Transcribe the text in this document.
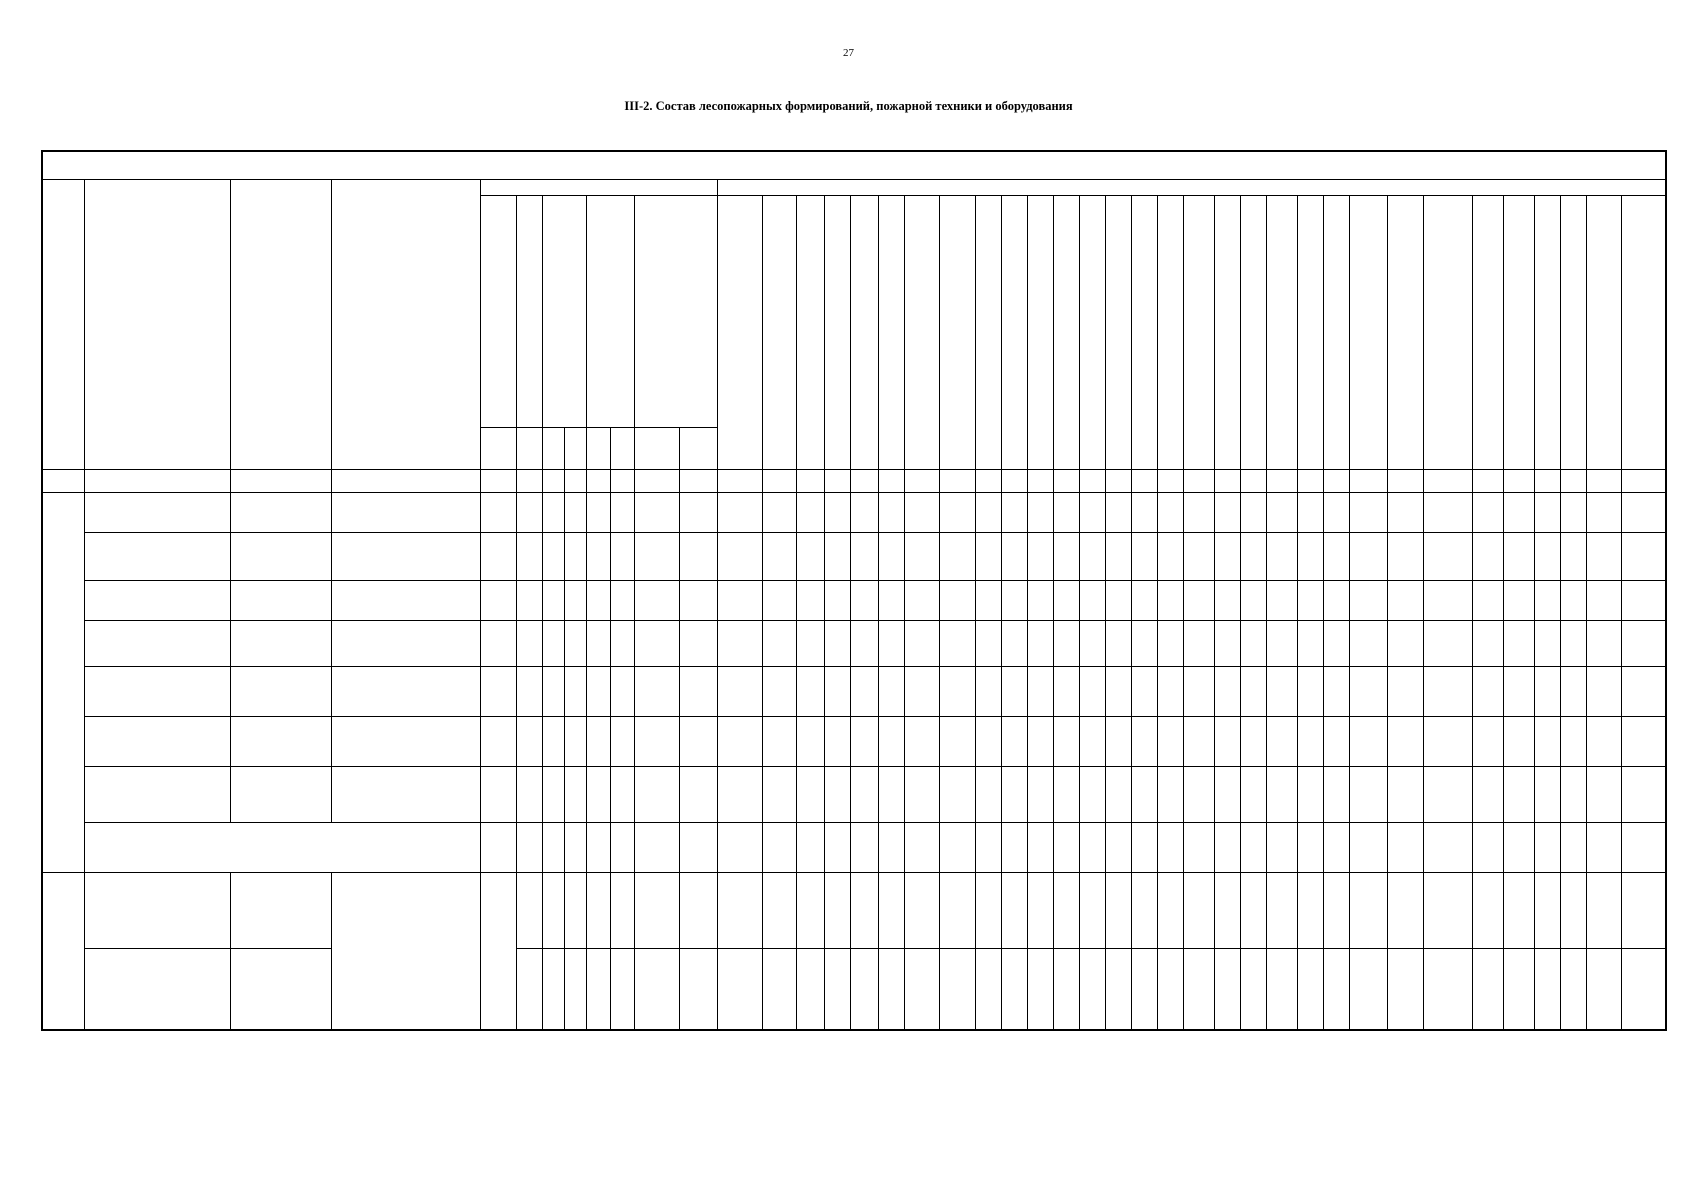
27
III-2. Состав лесопожарных формирований, пожарной техники и оборудования
